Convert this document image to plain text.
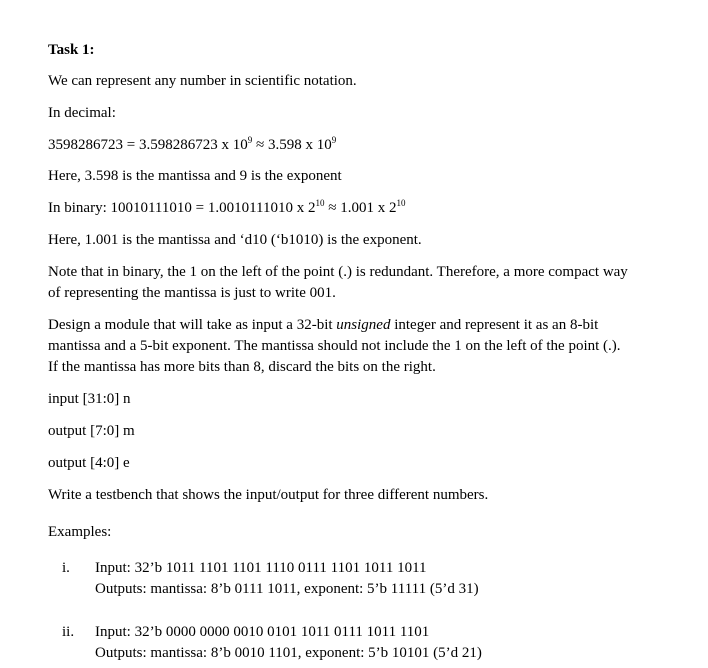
Task 1:
We can represent any number in scientific notation.
In decimal:
3598286723 = 3.598286723 x $10^9 \approx 3.598$ x $10^9$
Here, 3.598 is the mantissa and 9 is the exponent
In binary: 10010111010 = 1.0010111010 x $2^{10} \approx 1.001$ x $2^{10}$
Here, 1.001 is the mantissa and ‘d10 (‘b1010) is the exponent.
Note that in binary, the 1 on the left of the point (.) is redundant. Therefore, a more compact way
of representing the mantissa is just to write 001.
Design a module that will take as input a 32-bit unsigned integer and represent it as an 8-bit
mantissa and a 5-bit exponent. The mantissa should not include the 1 on the left of the point (.).
If the mantissa has more bits than 8, discard the bits on the right.
input [31:0] n
output [7:0] m
output [4:0] e
Write a testbench that shows the input/output for three different numbers.
Examples:
i. Input: 32’b 1011 1101 1101 1110 0111 1101 1011 1011
Outputs: mantissa: 8’b 0111 1011, exponent: 5’b 11111 (5’d 31)
ii. Input: 32’b 0000 0000 0010 0101 1011 0111 1011 1101
Outputs: mantissa: 8’b 0010 1101, exponent: 5’b 10101 (5’d 21)
